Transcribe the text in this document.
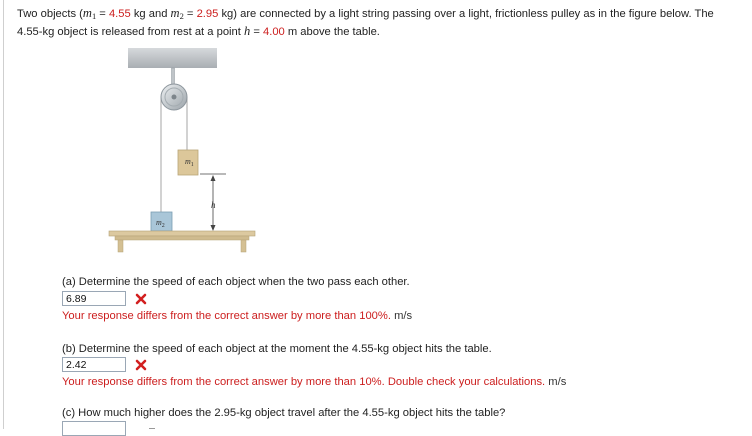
Two objects (m1 = 4.55 kg and m2 = 2.95 kg) are connected by a light string passing over a light, frictionless pulley as in the figure below. The 4.55-kg object is released from rest at a point h = 4.00 m above the table.
$m_1$
h
$m_2$
(a) Determine the speed of each object when the two pass each other.
6.89
Your response differs from the correct answer by more than 100%. m/s
(b) Determine the speed of each object at the moment the 4.55-kg object hits the table.
2.42
Your response differs from the correct answer by more than 10%. Double check your calculations. m/s
(c) How much higher does the 2.95-kg object travel after the 4.55-kg object hits the table?
